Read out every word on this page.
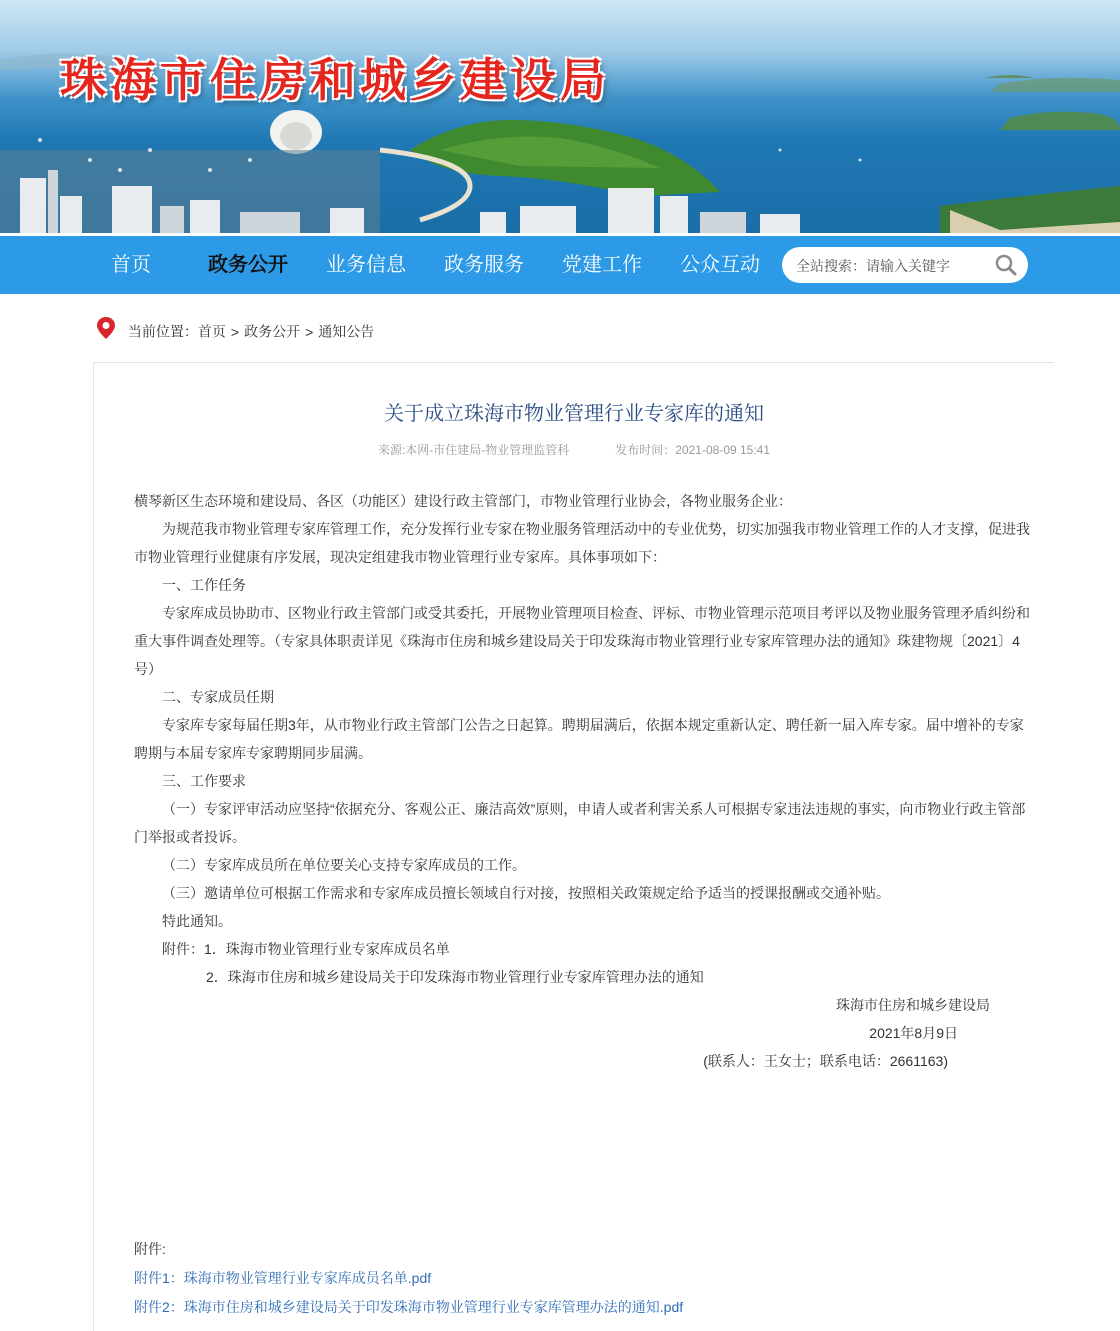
珠海市住房和城乡建设局
首页	政务公开	业务信息	政务服务	党建工作	公众互动
全站搜索：请输入关键字
当前位置：首页 > 政务公开 > 通知公告
关于成立珠海市物业管理行业专家库的通知
来源:本网-市住建局-物业管理监管科	发布时间：2021-08-09 15:41

横琴新区生态环境和建设局、各区（功能区）建设行政主管部门，市物业管理行业协会，各物业服务企业：

为规范我市物业管理专家库管理工作，充分发挥行业专家在物业服务管理活动中的专业优势，切实加强我市物业管理工作的人才支撑，促进我市物业管理行业健康有序发展，现决定组建我市物业管理行业专家库。具体事项如下：

一、工作任务

专家库成员协助市、区物业行政主管部门或受其委托，开展物业管理项目检查、评标、市物业管理示范项目考评以及物业服务管理矛盾纠纷和重大事件调查处理等。（专家具体职责详见《珠海市住房和城乡建设局关于印发珠海市物业管理行业专家库管理办法的通知》珠建物规〔2021〕4号）

二、专家成员任期

专家库专家每届任期3年，从市物业行政主管部门公告之日起算。聘期届满后，依据本规定重新认定、聘任新一届入库专家。届中增补的专家聘期与本届专家库专家聘期同步届满。

三、工作要求

（一）专家评审活动应坚持“依据充分、客观公正、廉洁高效”原则，申请人或者利害关系人可根据专家违法违规的事实，向市物业行政主管部门举报或者投诉。

（二）专家库成员所在单位要关心支持专家库成员的工作。

（三）邀请单位可根据工作需求和专家库成员擅长领域自行对接，按照相关政策规定给予适当的授课报酬或交通补贴。

特此通知。

附件：1．珠海市物业管理行业专家库成员名单

2．珠海市住房和城乡建设局关于印发珠海市物业管理行业专家库管理办法的通知

珠海市住房和城乡建设局

2021年8月9日

(联系人：王女士；联系电话：2661163)

附件:
附件1：珠海市物业管理行业专家库成员名单.pdf
附件2：珠海市住房和城乡建设局关于印发珠海市物业管理行业专家库管理办法的通知.pdf
